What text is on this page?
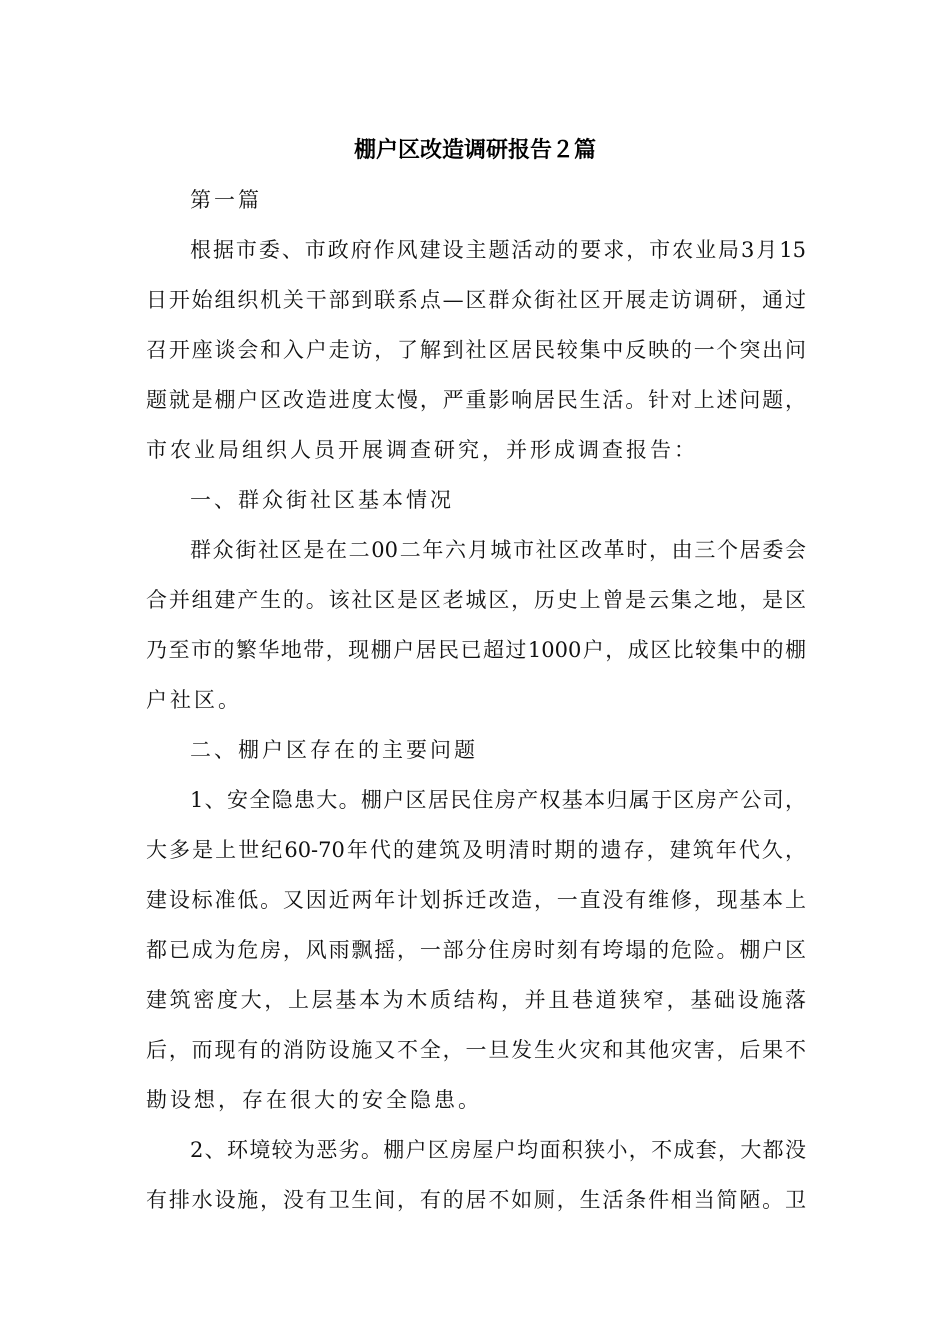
棚户区改造调研报告２篇
第一篇
根据市委、市政府作风建设主题活动的要求，市农业局3月15
日开始组织机关干部到联系点—区群众街社区开展走访调研，通过
召开座谈会和入户走访，了解到社区居民较集中反映的一个突出问
题就是棚户区改造进度太慢，严重影响居民生活。针对上述问题，
市农业局组织人员开展调查研究，并形成调查报告：
一、群众街社区基本情况
群众街社区是在二00二年六月城市社区改革时，由三个居委会
合并组建产生的。该社区是区老城区，历史上曾是云集之地，是区
乃至市的繁华地带，现棚户居民已超过1000户，成区比较集中的棚
户社区。
二、棚户区存在的主要问题
1、安全隐患大。棚户区居民住房产权基本归属于区房产公司，
大多是上世纪60-70年代的建筑及明清时期的遗存，建筑年代久，
建设标准低。又因近两年计划拆迁改造，一直没有维修，现基本上
都已成为危房，风雨飘摇，一部分住房时刻有垮塌的危险。棚户区
建筑密度大，上层基本为木质结构，并且巷道狭窄，基础设施落
后，而现有的消防设施又不全，一旦发生火灾和其他灾害，后果不
勘设想，存在很大的安全隐患。
2、环境较为恶劣。棚户区房屋户均面积狭小，不成套，大都没
有排水设施，没有卫生间，有的居不如厕，生活条件相当简陋。卫
